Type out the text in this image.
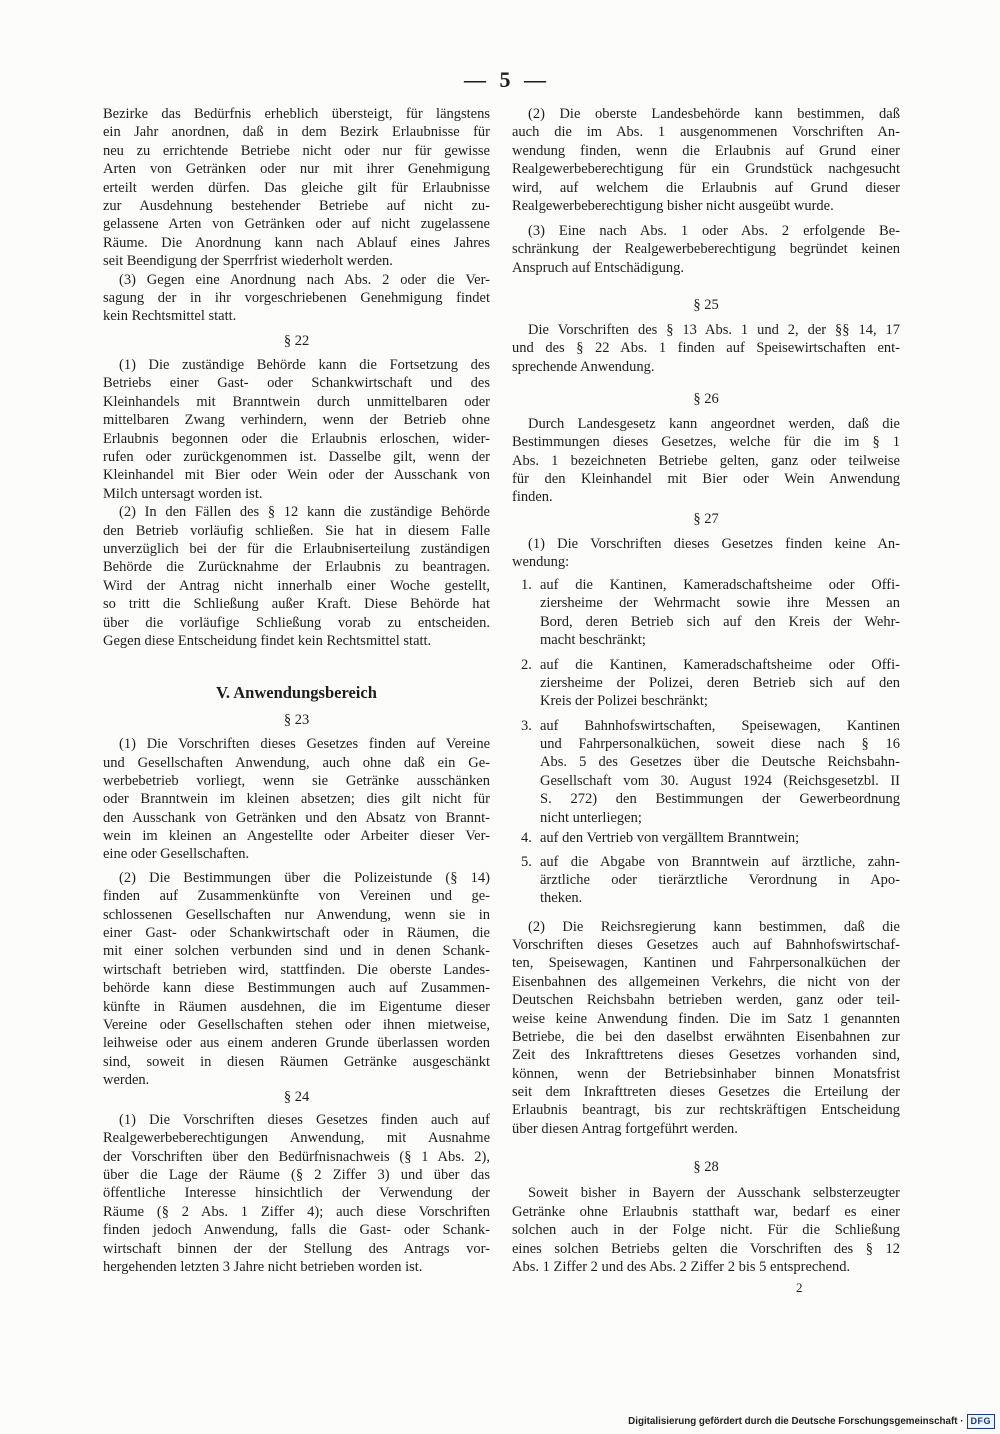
— 5 —
Bezirke das Bedürfnis erheblich übersteigt, für längstens
ein Jahr anordnen, daß in dem Bezirk Erlaubnisse für
neu zu errichtende Betriebe nicht oder nur für gewisse
Arten von Getränken oder nur mit ihrer Genehmigung
erteilt werden dürfen. Das gleiche gilt für Erlaubnisse
zur Ausdehnung bestehender Betriebe auf nicht zu-
gelassene Arten von Getränken oder auf nicht zugelassene
Räume. Die Anordnung kann nach Ablauf eines Jahres
seit Beendigung der Sperrfrist wiederholt werden.
(3) Gegen eine Anordnung nach Abs. 2 oder die Ver-
sagung der in ihr vorgeschriebenen Genehmigung findet
kein Rechtsmittel statt.
§ 22
(1) Die zuständige Behörde kann die Fortsetzung des
Betriebs einer Gast- oder Schankwirtschaft und des
Kleinhandels mit Branntwein durch unmittelbaren oder
mittelbaren Zwang verhindern, wenn der Betrieb ohne
Erlaubnis begonnen oder die Erlaubnis erloschen, wider-
rufen oder zurückgenommen ist. Dasselbe gilt, wenn der
Kleinhandel mit Bier oder Wein oder der Ausschank von
Milch untersagt worden ist.
(2) In den Fällen des § 12 kann die zuständige Behörde
den Betrieb vorläufig schließen. Sie hat in diesem Falle
unverzüglich bei der für die Erlaubniserteilung zuständigen
Behörde die Zurücknahme der Erlaubnis zu beantragen.
Wird der Antrag nicht innerhalb einer Woche gestellt,
so tritt die Schließung außer Kraft. Diese Behörde hat
über die vorläufige Schließung vorab zu entscheiden.
Gegen diese Entscheidung findet kein Rechtsmittel statt.
V. Anwendungsbereich
§ 23
(1) Die Vorschriften dieses Gesetzes finden auf Vereine
und Gesellschaften Anwendung, auch ohne daß ein Ge-
werbebetrieb vorliegt, wenn sie Getränke ausschänken
oder Branntwein im kleinen absetzen; dies gilt nicht für
den Ausschank von Getränken und den Absatz von Brannt-
wein im kleinen an Angestellte oder Arbeiter dieser Ver-
eine oder Gesellschaften.
(2) Die Bestimmungen über die Polizeistunde (§ 14)
finden auf Zusammenkünfte von Vereinen und ge-
schlossenen Gesellschaften nur Anwendung, wenn sie in
einer Gast- oder Schankwirtschaft oder in Räumen, die
mit einer solchen verbunden sind und in denen Schank-
wirtschaft betrieben wird, stattfinden. Die oberste Landes-
behörde kann diese Bestimmungen auch auf Zusammen-
künfte in Räumen ausdehnen, die im Eigentume dieser
Vereine oder Gesellschaften stehen oder ihnen mietweise,
leihweise oder aus einem anderen Grunde überlassen worden
sind, soweit in diesen Räumen Getränke ausgeschänkt
werden.
§ 24
(1) Die Vorschriften dieses Gesetzes finden auch auf
Realgewerbeberechtigungen Anwendung, mit Ausnahme
der Vorschriften über den Bedürfnisnachweis (§ 1 Abs. 2),
über die Lage der Räume (§ 2 Ziffer 3) und über das
öffentliche Interesse hinsichtlich der Verwendung der
Räume (§ 2 Abs. 1 Ziffer 4); auch diese Vorschriften
finden jedoch Anwendung, falls die Gast- oder Schank-
wirtschaft binnen der der Stellung des Antrags vor-
hergehenden letzten 3 Jahre nicht betrieben worden ist.
(2) Die oberste Landesbehörde kann bestimmen, daß
auch die im Abs. 1 ausgenommenen Vorschriften An-
wendung finden, wenn die Erlaubnis auf Grund einer
Realgewerbeberechtigung für ein Grundstück nachgesucht
wird, auf welchem die Erlaubnis auf Grund dieser
Realgewerbeberechtigung bisher nicht ausgeübt wurde.
(3) Eine nach Abs. 1 oder Abs. 2 erfolgende Be-
schränkung der Realgewerbeberechtigung begründet keinen
Anspruch auf Entschädigung.
§ 25
Die Vorschriften des § 13 Abs. 1 und 2, der §§ 14, 17
und des § 22 Abs. 1 finden auf Speisewirtschaften ent-
sprechende Anwendung.
§ 26
Durch Landesgesetz kann angeordnet werden, daß die
Bestimmungen dieses Gesetzes, welche für die im § 1
Abs. 1 bezeichneten Betriebe gelten, ganz oder teilweise
für den Kleinhandel mit Bier oder Wein Anwendung
finden.
§ 27
(1) Die Vorschriften dieses Gesetzes finden keine An-
wendung:
1. auf die Kantinen, Kameradschaftsheime oder Offi-
ziersheime der Wehrmacht sowie ihre Messen an
Bord, deren Betrieb sich auf den Kreis der Wehr-
macht beschränkt;
2. auf die Kantinen, Kameradschaftsheime oder Offi-
ziersheime der Polizei, deren Betrieb sich auf den
Kreis der Polizei beschränkt;
3. auf Bahnhofswirtschaften, Speisewagen, Kantinen
und Fahrpersonalküchen, soweit diese nach § 16
Abs. 5 des Gesetzes über die Deutsche Reichsbahn-
Gesellschaft vom 30. August 1924 (Reichsgesetzbl. II
S. 272) den Bestimmungen der Gewerbeordnung
nicht unterliegen;
4. auf den Vertrieb von vergälltem Branntwein;
5. auf die Abgabe von Branntwein auf ärztliche, zahn-
ärztliche oder tierärztliche Verordnung in Apo-
theken.
(2) Die Reichsregierung kann bestimmen, daß die
Vorschriften dieses Gesetzes auch auf Bahnhofswirtschaf-
ten, Speisewagen, Kantinen und Fahrpersonalküchen der
Eisenbahnen des allgemeinen Verkehrs, die nicht von der
Deutschen Reichsbahn betrieben werden, ganz oder teil-
weise keine Anwendung finden. Die im Satz 1 genannten
Betriebe, die bei den daselbst erwähnten Eisenbahnen zur
Zeit des Inkrafttretens dieses Gesetzes vorhanden sind,
können, wenn der Betriebsinhaber binnen Monatsfrist
seit dem Inkrafttreten dieses Gesetzes die Erteilung der
Erlaubnis beantragt, bis zur rechtskräftigen Entscheidung
über diesen Antrag fortgeführt werden.
§ 28
Soweit bisher in Bayern der Ausschank selbsterzeugter
Getränke ohne Erlaubnis statthaft war, bedarf es einer
solchen auch in der Folge nicht. Für die Schließung
eines solchen Betriebs gelten die Vorschriften des § 12
Abs. 1 Ziffer 2 und des Abs. 2 Ziffer 2 bis 5 entsprechend.
2
Digitalisierung gefördert durch die Deutsche Forschungsgemeinschaft · DFG
